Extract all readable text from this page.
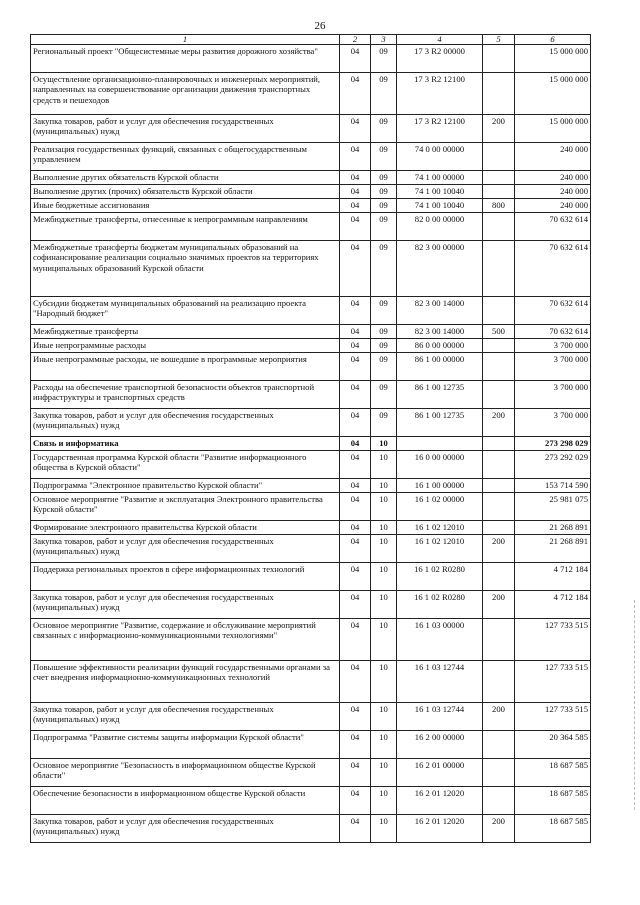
26
1	2	3	4	5	6
Региональный проект "Общесистемные меры развития дорожного хозяйства"	04	09	17 3 R2 00000		15 000 000
Осуществление организационно-планировочных и инженерных мероприятий, направленных на совершенствование организации движения транспортных средств и пешеходов	04	09	17 3 R2 12100		15 000 000
Закупка товаров, работ и услуг для обеспечения государственных (муниципальных) нужд	04	09	17 3 R2 12100	200	15 000 000
Реализация государственных функций, связанных с общегосударственным управлением	04	09	74 0 00 00000		240 000
Выполнение других обязательств Курской области	04	09	74 1 00 00000		240 000
Выполнение других (прочих) обязательств Курской области	04	09	74 1 00 10040		240 000
Иные бюджетные ассигнования	04	09	74 1 00 10040	800	240 000
Межбюджетные трансферты, отнесенные к непрограммным направлениям	04	09	82 0 00 00000		70 632 614
Межбюджетные трансферты бюджетам муниципальных образований на софинансирование реализации социально значимых проектов на территориях муниципальных образований Курской области	04	09	82 3 00 00000		70 632 614
Субсидии бюджетам муниципальных образований на реализацию проекта "Народный бюджет"	04	09	82 3 00 14000		70 632 614
Межбюджетные трансферты	04	09	82 3 00 14000	500	70 632 614
Иные непрограммные расходы	04	09	86 0 00 00000		3 700 000
Иные непрограммные расходы, не вошедшие в программные мероприятия	04	09	86 1 00 00000		3 700 000
Расходы на обеспечение транспортной безопасности объектов транспортной инфраструктуры и транспортных средств	04	09	86 1 00 12735		3 700 000
Закупка товаров, работ и услуг для обеспечения государственных (муниципальных) нужд	04	09	86 1 00 12735	200	3 700 000
Связь и информатика	04	10			273 298 029
Государственная программа Курской области "Развитие информационного общества в Курской области"	04	10	16 0 00 00000		273 292 029
Подпрограмма "Электронное правительство Курской области"	04	10	16 1 00 00000		153 714 590
Основное мероприятие "Развитие и эксплуатация Электронного правительства Курской области"	04	10	16 1 02 00000		25 981 075
Формирование электронного правительства Курской области	04	10	16 1 02 12010		21 268 891
Закупка товаров, работ и услуг для обеспечения государственных (муниципальных) нужд	04	10	16 1 02 12010	200	21 268 891
Поддержка региональных проектов в сфере информационных технологий	04	10	16 1 02 R0280		4 712 184
Закупка товаров, работ и услуг для обеспечения государственных (муниципальных) нужд	04	10	16 1 02 R0280	200	4 712 184
Основное мероприятие "Развитие, содержание и обслуживание мероприятий связанных с информационно-коммуникационными технологиями"	04	10	16 1 03 00000		127 733 515
Повышение эффективности реализации функций государственными органами за счет внедрения информационно-коммуникационных технологий	04	10	16 1 03 12744		127 733 515
Закупка товаров, работ и услуг для обеспечения государственных (муниципальных) нужд	04	10	16 1 03 12744	200	127 733 515
Подпрограмма "Развитие системы защиты информации Курской области"	04	10	16 2 00 00000		20 364 585
Основное мероприятие "Безопасность в информационном обществе Курской области"	04	10	16 2 01 00000		18 687 585
Обеспечение безопасности в информационном обществе Курской области	04	10	16 2 01 12020		18 687 585
Закупка товаров, работ и услуг для обеспечения государственных (муниципальных) нужд	04	10	16 2 01 12020	200	18 687 585
